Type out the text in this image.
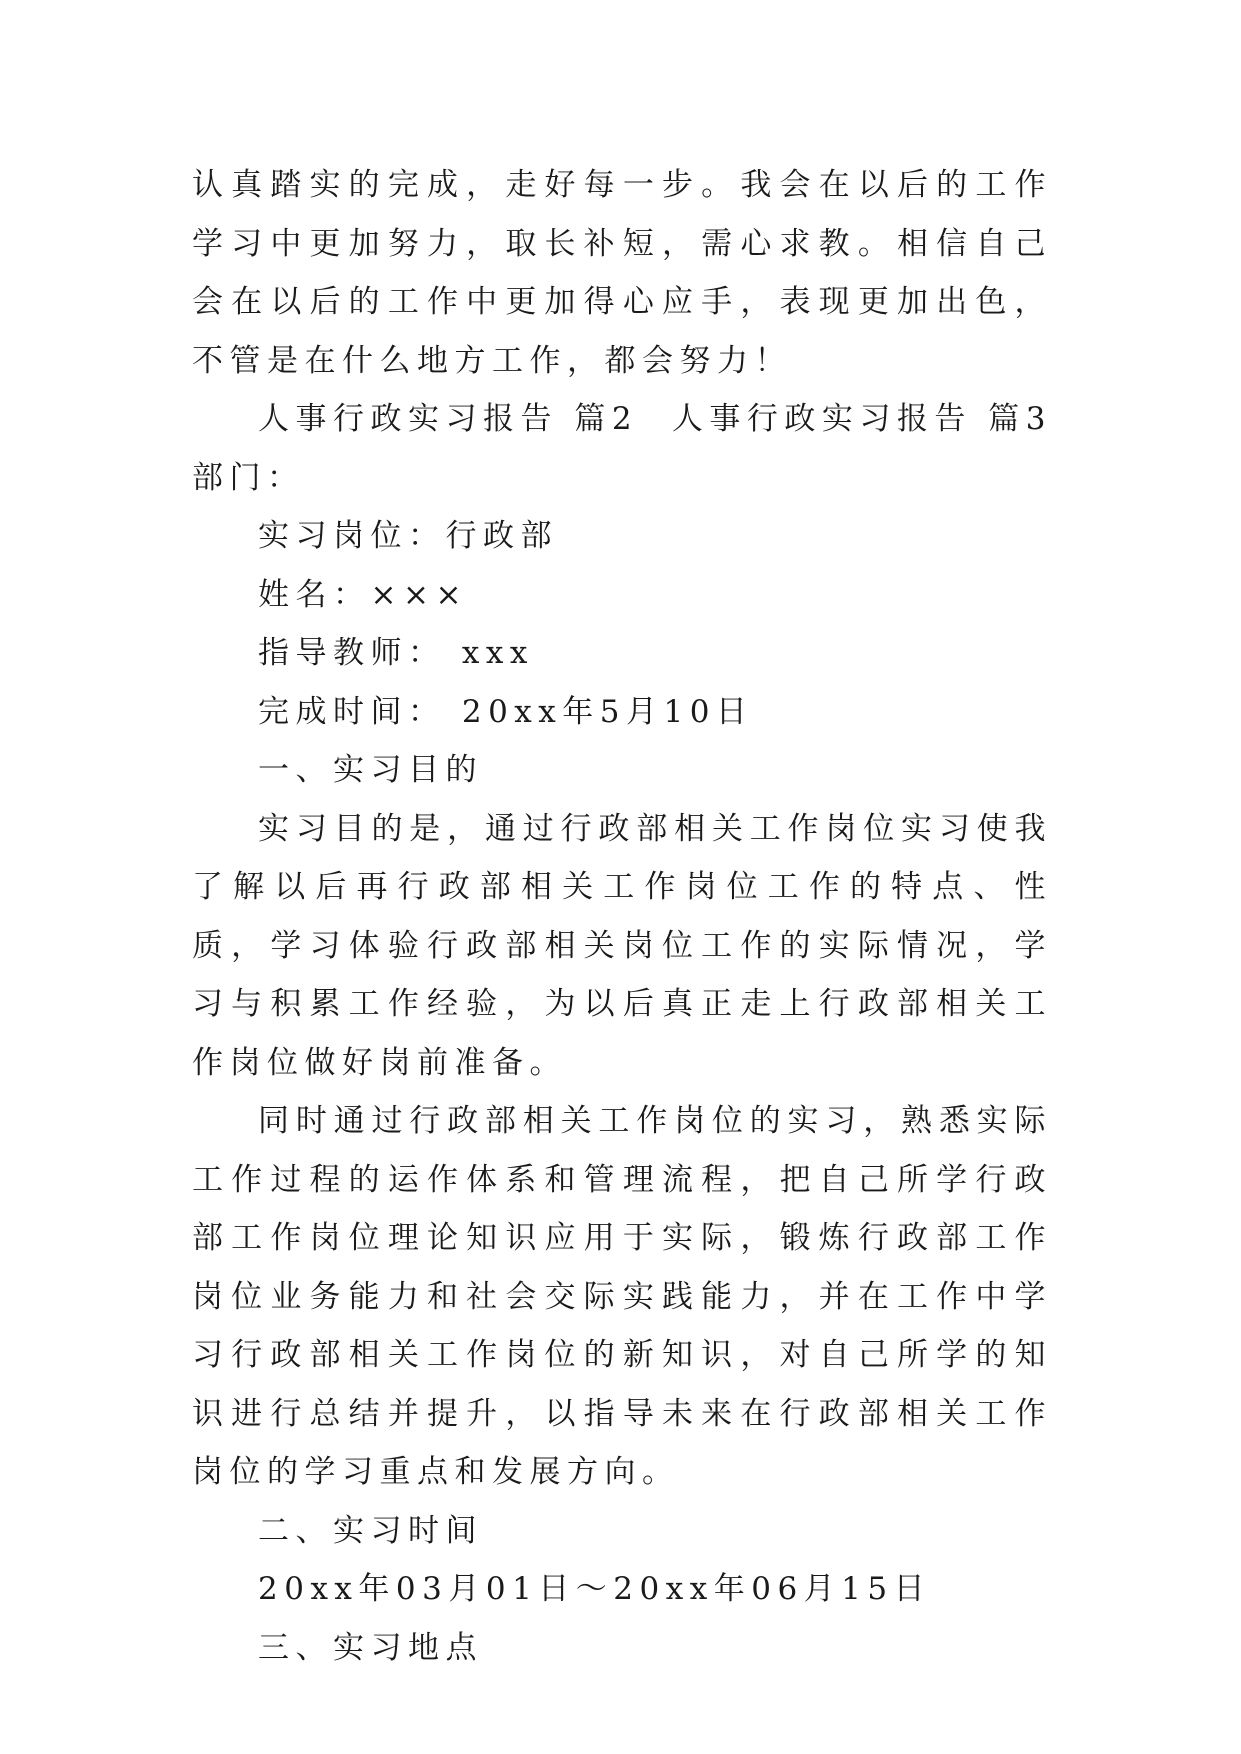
认真踏实的完成，走好每一步。我会在以后的工作学习中更加努力，取长补短，需心求教。相信自己会在以后的工作中更加得心应手，表现更加出色，不管是在什么地方工作，都会努力！

人事行政实习报告 篇2 人事行政实习报告 篇3

部门：

实习岗位：行政部

姓名：×××

指导教师： xxx

完成时间： 20xx年5月10日

一、实习目的

实习目的是，通过行政部相关工作岗位实习使我了解以后再行政部相关工作岗位工作的特点、性质，学习体验行政部相关岗位工作的实际情况，学习与积累工作经验，为以后真正走上行政部相关工作岗位做好岗前准备。

同时通过行政部相关工作岗位的实习，熟悉实际工作过程的运作体系和管理流程，把自己所学行政部工作岗位理论知识应用于实际，锻炼行政部工作岗位业务能力和社会交际实践能力，并在工作中学习行政部相关工作岗位的新知识，对自己所学的知识进行总结并提升，以指导未来在行政部相关工作岗位的学习重点和发展方向。

二、实习时间

20xx年03月01日～20xx年06月15日

三、实习地点
